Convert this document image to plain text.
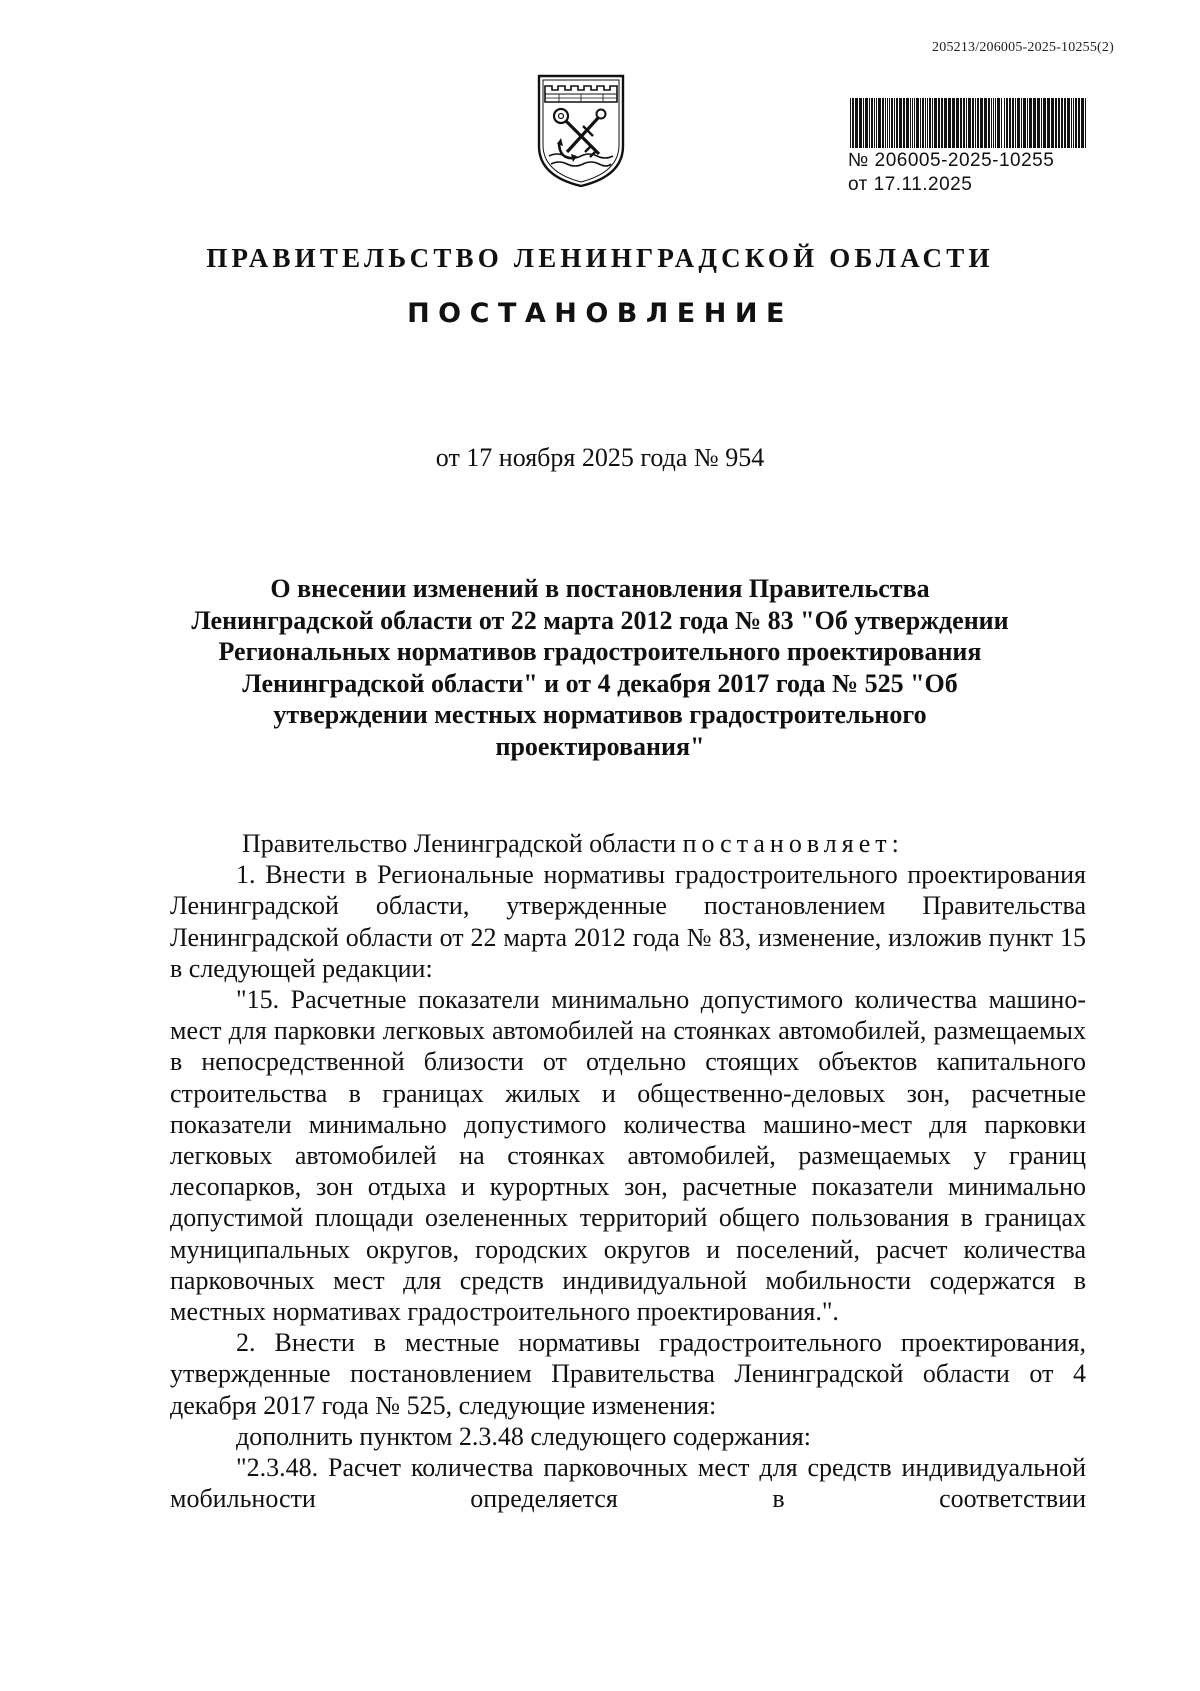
205213/206005-2025-10255(2)
№ 206005-2025-10255
от 17.11.2025
ПРАВИТЕЛЬСТВО ЛЕНИНГРАДСКОЙ ОБЛАСТИ
ПОСТАНОВЛЕНИЕ
от 17 ноября 2025 года № 954
О внесении изменений в постановления Правительства Ленинградской области от 22 марта 2012 года № 83 "Об утверждении Региональных нормативов градостроительного проектирования Ленинградской области" и от 4 декабря 2017 года № 525 "Об утверждении местных нормативов градостроительного проектирования"

Правительство Ленинградской области постановляет:

1. Внести в Региональные нормативы градостроительного проектирования Ленинградской области, утвержденные постановлением Правительства Ленинградской области от 22 марта 2012 года № 83, изменение, изложив пункт 15 в следующей редакции:

"15. Расчетные показатели минимально допустимого количества машино-мест для парковки легковых автомобилей на стоянках автомобилей, размещаемых в непосредственной близости от отдельно стоящих объектов капитального строительства в границах жилых и общественно-деловых зон, расчетные показатели минимально допустимого количества машино-мест для парковки легковых автомобилей на стоянках автомобилей, размещаемых у границ лесопарков, зон отдыха и курортных зон, расчетные показатели минимально допустимой площади озелененных территорий общего пользования в границах муниципальных округов, городских округов и поселений, расчет количества парковочных мест для средств индивидуальной мобильности содержатся в местных нормативах градостроительного проектирования.".

2. Внести в местные нормативы градостроительного проектирования, утвержденные постановлением Правительства Ленинградской области от 4 декабря 2017 года № 525, следующие изменения:

дополнить пунктом 2.3.48 следующего содержания:

"2.3.48. Расчет количества парковочных мест для средств индивидуальной мобильности определяется в соответствии
